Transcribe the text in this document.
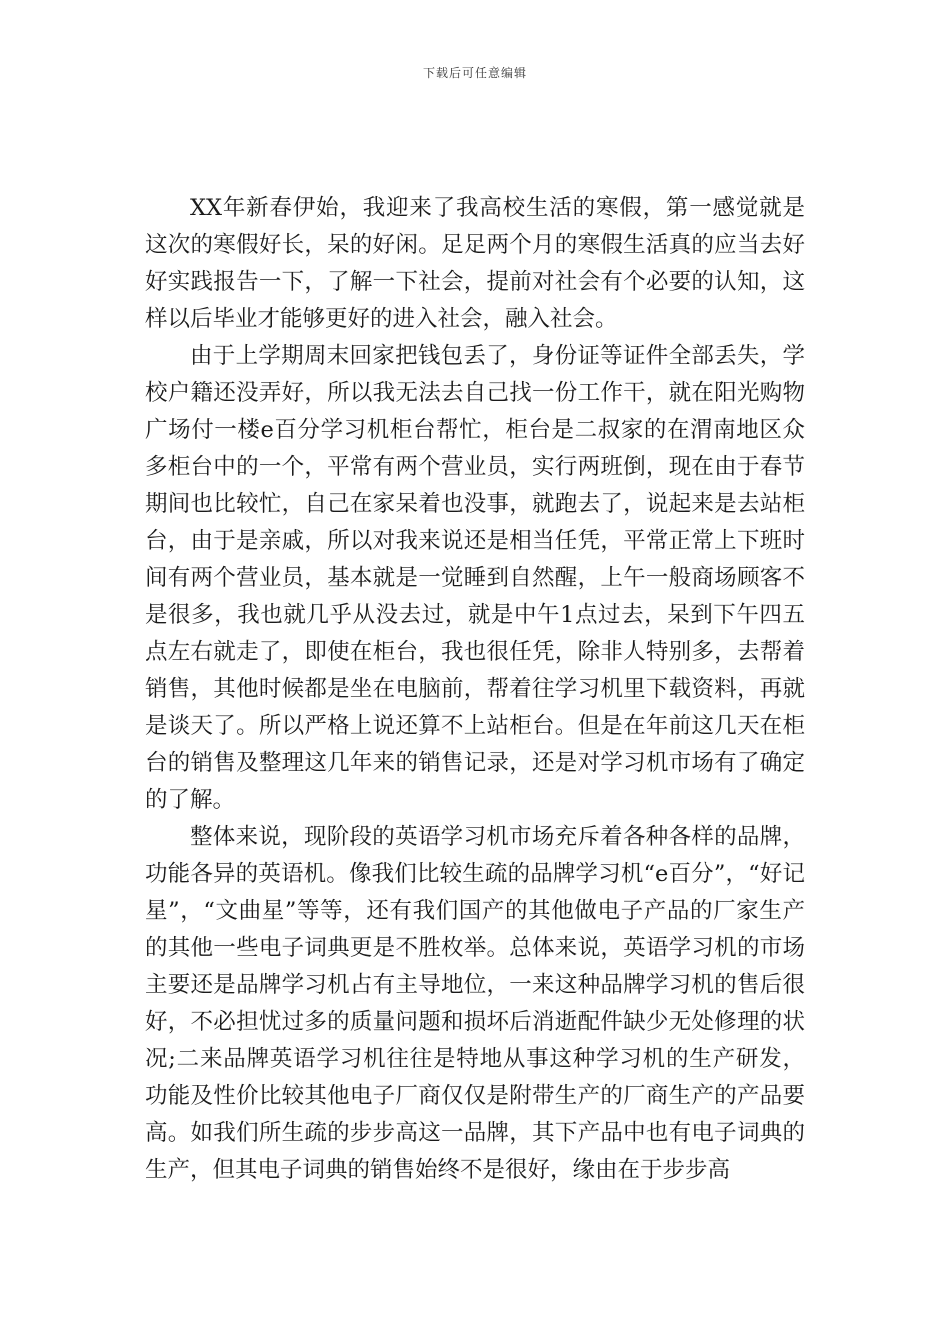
下载后可任意编辑

XX年新春伊始，我迎来了我高校生活的寒假，第一感觉就是这次的寒假好长，呆的好闲。足足两个月的寒假生活真的应当去好好实践报告一下，了解一下社会，提前对社会有个必要的认知，这样以后毕业才能够更好的进入社会，融入社会。

由于上学期周末回家把钱包丢了，身份证等证件全部丢失，学校户籍还没弄好，所以我无法去自己找一份工作干，就在阳光购物广场付一楼e百分学习机柜台帮忙，柜台是二叔家的在渭南地区众多柜台中的一个，平常有两个营业员，实行两班倒，现在由于春节期间也比较忙，自己在家呆着也没事，就跑去了，说起来是去站柜台，由于是亲戚，所以对我来说还是相当任凭，平常正常上下班时间有两个营业员，基本就是一觉睡到自然醒，上午一般商场顾客不是很多，我也就几乎从没去过，就是中午1点过去，呆到下午四五点左右就走了，即使在柜台，我也很任凭，除非人特别多，去帮着销售，其他时候都是坐在电脑前，帮着往学习机里下载资料，再就是谈天了。所以严格上说还算不上站柜台。但是在年前这几天在柜台的销售及整理这几年来的销售记录，还是对学习机市场有了确定的了解。

整体来说，现阶段的英语学习机市场充斥着各种各样的品牌，功能各异的英语机。像我们比较生疏的品牌学习机“e百分”，“好记星”，“文曲星”等等，还有我们国产的其他做电子产品的厂家生产的其他一些电子词典更是不胜枚举。总体来说，英语学习机的市场主要还是品牌学习机占有主导地位，一来这种品牌学习机的售后很好，不必担忧过多的质量问题和损坏后消逝配件缺少无处修理的状况;二来品牌英语学习机往往是特地从事这种学习机的生产研发，功能及性价比较其他电子厂商仅仅是附带生产的厂商生产的产品要高。如我们所生疏的步步高这一品牌，其下产品中也有电子词典的生产，但其电子词典的销售始终不是很好，缘由在于步步高
